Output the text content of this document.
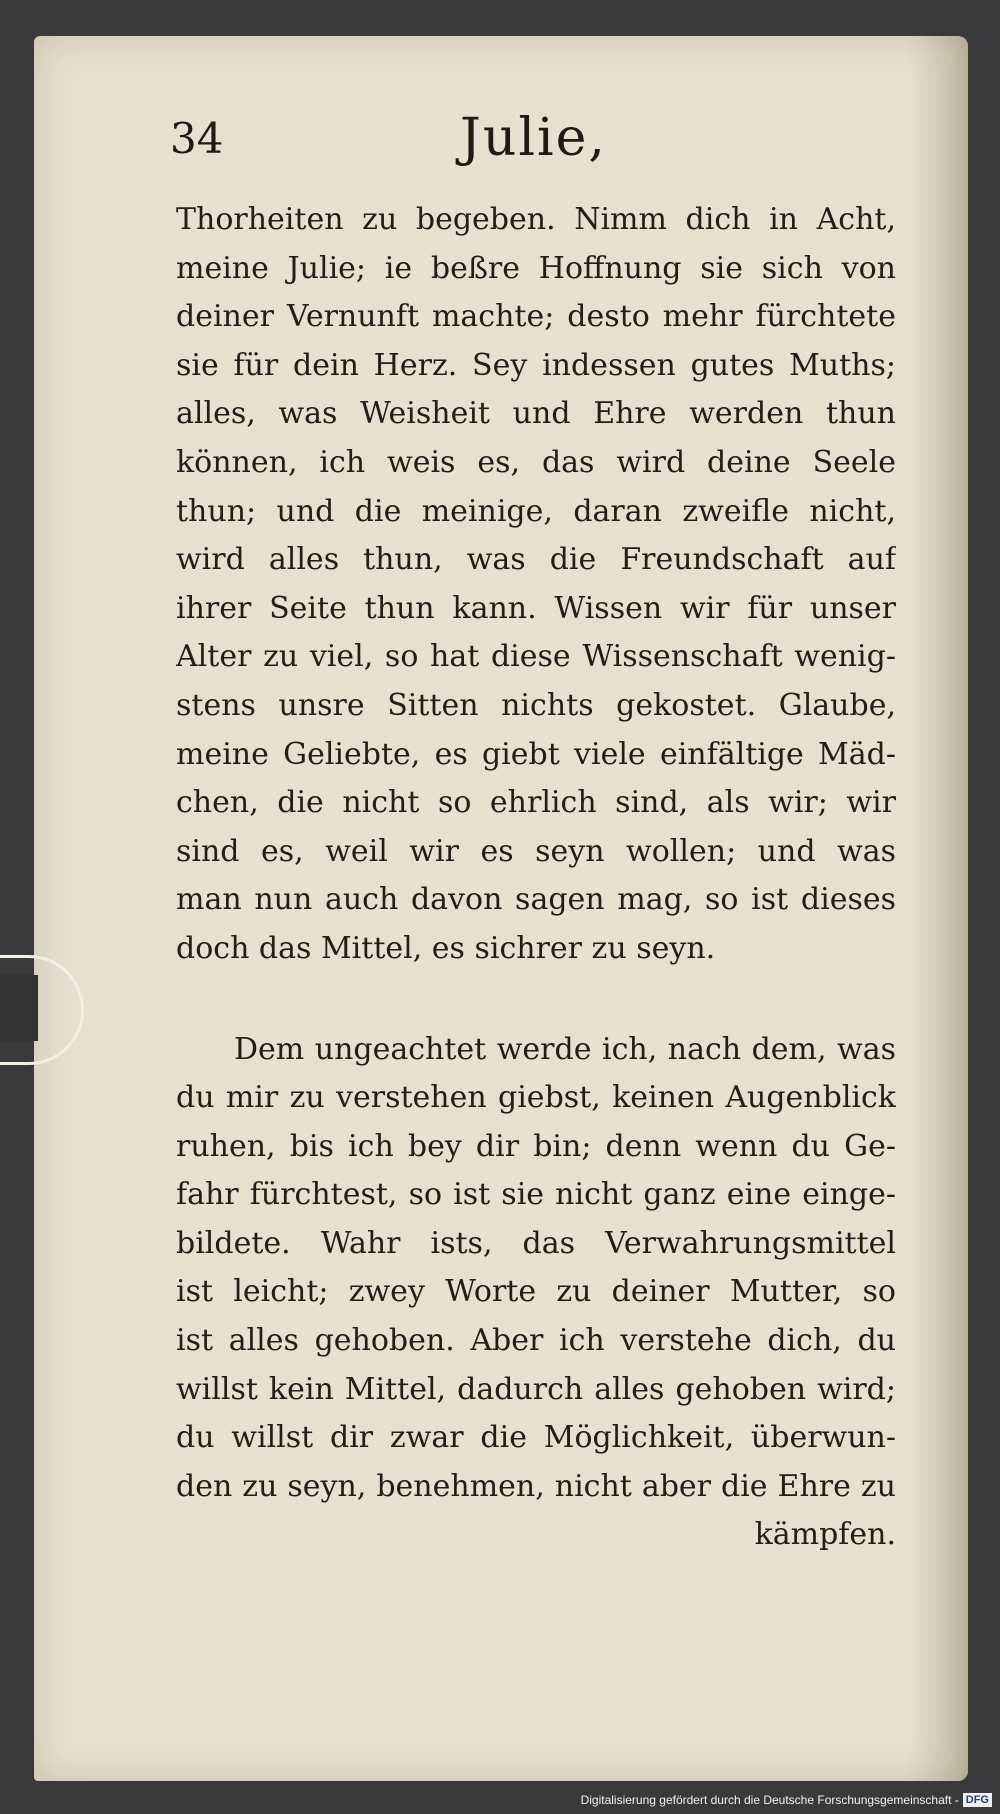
34	Julie,
Thorheiten zu begeben. Nimm dich in Acht,
meine Julie; ie beßre Hoffnung sie sich von
deiner Vernunft machte; desto mehr fürchtete
sie für dein Herz. Sey indessen gutes Muths;
alles, was Weisheit und Ehre werden thun
können, ich weis es, das wird deine Seele
thun; und die meinige, daran zweifle nicht,
wird alles thun, was die Freundschaft auf
ihrer Seite thun kann. Wissen wir für unser
Alter zu viel, so hat diese Wissenschaft wenig-
stens unsre Sitten nichts gekostet. Glaube,
meine Geliebte, es giebt viele einfältige Mäd-
chen, die nicht so ehrlich sind, als wir; wir
sind es, weil wir es seyn wollen; und was
man nun auch davon sagen mag, so ist dieses
doch das Mittel, es sichrer zu seyn.
Dem ungeachtet werde ich, nach dem, was
du mir zu verstehen giebst, keinen Augenblick
ruhen, bis ich bey dir bin; denn wenn du Ge-
fahr fürchtest, so ist sie nicht ganz eine einge-
bildete. Wahr ists, das Verwahrungsmittel
ist leicht; zwey Worte zu deiner Mutter, so
ist alles gehoben. Aber ich verstehe dich, du
willst kein Mittel, dadurch alles gehoben wird;
du willst dir zwar die Möglichkeit, überwun-
den zu seyn, benehmen, nicht aber die Ehre zu
kämpfen.
Digitalisierung gefördert durch die Deutsche Forschungsgemeinschaft - DFG
